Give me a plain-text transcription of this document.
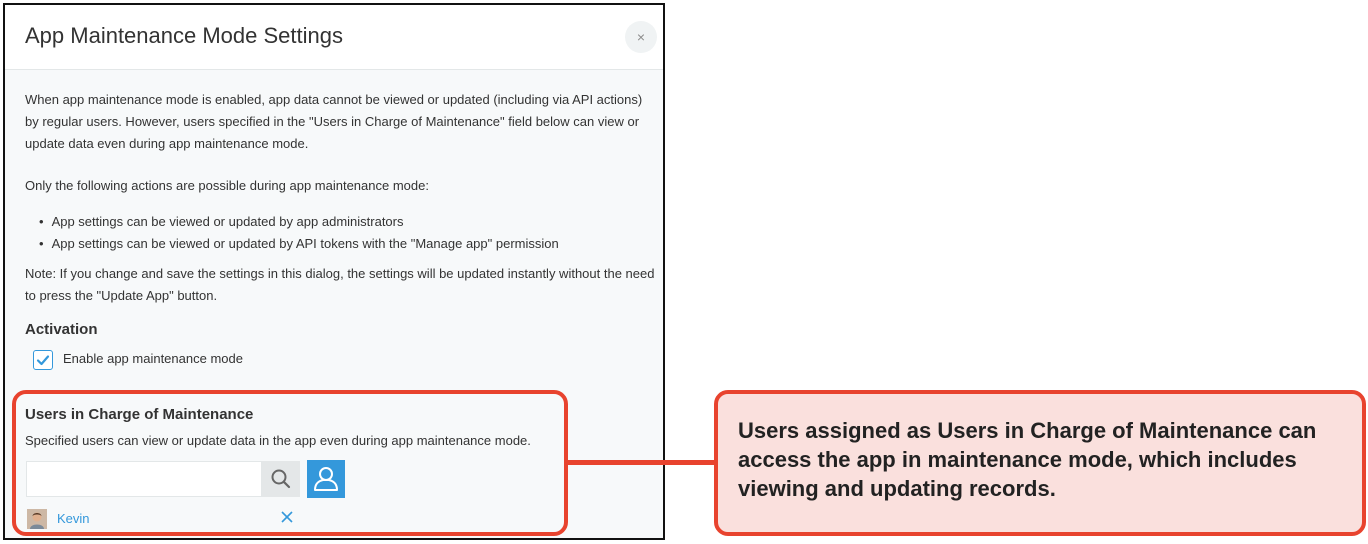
App Maintenance Mode Settings	×
When app maintenance mode is enabled, app data cannot be viewed or updated (including via API actions) by regular users. However, users specified in the "Users in Charge of Maintenance" field below can view or update data even during app maintenance mode.
Only the following actions are possible during app maintenance mode:
• App settings can be viewed or updated by app administrators
• App settings can be viewed or updated by API tokens with the "Manage app" permission
Note: If you change and save the settings in this dialog, the settings will be updated instantly without the need to press the "Update App" button.
Activation
Enable app maintenance mode
Users in Charge of Maintenance
Specified users can view or update data in the app even during app maintenance mode.
Kevin
Users assigned as Users in Charge of Maintenance can access the app in maintenance mode, which includes viewing and updating records.
